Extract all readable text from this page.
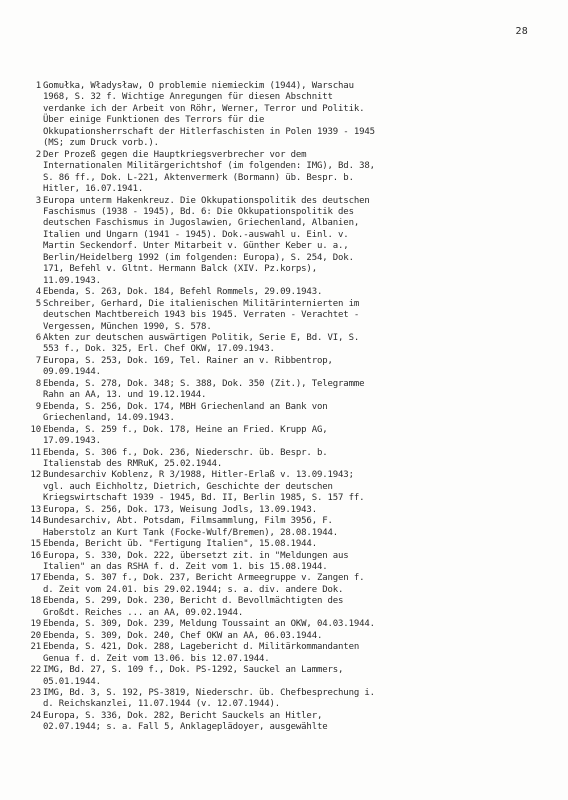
28
1 Gomułka, Władysław, O problemie niemieckim (1944), Warschau
1968, S. 32 f. Wichtige Anregungen für diesen Abschnitt
verdanke ich der Arbeit von Röhr, Werner, Terror und Politik.
Über einige Funktionen des Terrors für die
Okkupationsherrschaft der Hitlerfaschisten in Polen 1939 - 1945
(MS; zum Druck vorb.).
2 Der Prozeß gegen die Hauptkriegsverbrecher vor dem
Internationalen Militärgerichtshof (im folgenden: IMG), Bd. 38,
S. 86 ff., Dok. L-221, Aktenvermerk (Bormann) üb. Bespr. b.
Hitler, 16.07.1941.
3 Europa unterm Hakenkreuz. Die Okkupationspolitik des deutschen
Faschismus (1938 - 1945), Bd. 6: Die Okkupationspolitik des
deutschen Faschismus in Jugoslawien, Griechenland, Albanien,
Italien und Ungarn (1941 - 1945). Dok.-auswahl u. Einl. v.
Martin Seckendorf. Unter Mitarbeit v. Günther Keber u. a.,
Berlin/Heidelberg 1992 (im folgenden: Europa), S. 254, Dok.
171, Befehl v. Gltnt. Hermann Balck (XIV. Pz.korps),
11.09.1943.
4 Ebenda, S. 263, Dok. 184, Befehl Rommels, 29.09.1943.
5 Schreiber, Gerhard, Die italienischen Militärinternierten im
deutschen Machtbereich 1943 bis 1945. Verraten - Verachtet -
Vergessen, München 1990, S. 578.
6 Akten zur deutschen auswärtigen Politik, Serie E, Bd. VI, S.
553 f., Dok. 325, Erl. Chef OKW, 17.09.1943.
7 Europa, S. 253, Dok. 169, Tel. Rainer an v. Ribbentrop,
09.09.1944.
8 Ebenda, S. 278, Dok. 348; S. 388, Dok. 350 (Zit.), Telegramme
Rahn an AA, 13. und 19.12.1944.
9 Ebenda, S. 256, Dok. 174, MBH Griechenland an Bank von
Griechenland, 14.09.1943.
10 Ebenda, S. 259 f., Dok. 178, Heine an Fried. Krupp AG,
17.09.1943.
11 Ebenda, S. 306 f., Dok. 236, Niederschr. üb. Bespr. b.
Italienstab des RMRuK, 25.02.1944.
12 Bundesarchiv Koblenz, R 3/1988, Hitler-Erlaß v. 13.09.1943;
vgl. auch Eichholtz, Dietrich, Geschichte der deutschen
Kriegswirtschaft 1939 - 1945, Bd. II, Berlin 1985, S. 157 ff.
13 Europa, S. 256, Dok. 173, Weisung Jodls, 13.09.1943.
14 Bundesarchiv, Abt. Potsdam, Filmsammlung, Film 3956, F.
Haberstolz an Kurt Tank (Focke-Wulf/Bremen), 28.08.1944.
15 Ebenda, Bericht üb. "Fertigung Italien", 15.08.1944.
16 Europa, S. 330, Dok. 222, übersetzt zit. in "Meldungen aus
Italien" an das RSHA f. d. Zeit vom 1. bis 15.08.1944.
17 Ebenda, S. 307 f., Dok. 237, Bericht Armeegruppe v. Zangen f.
d. Zeit vom 24.01. bis 29.02.1944; s. a. div. andere Dok.
18 Ebenda, S. 299, Dok. 230, Bericht d. Bevollmächtigten des
Großdt. Reiches ... an AA, 09.02.1944.
19 Ebenda, S. 309, Dok. 239, Meldung Toussaint an OKW, 04.03.1944.
20 Ebenda, S. 309, Dok. 240, Chef OKW an AA, 06.03.1944.
21 Ebenda, S. 421, Dok. 288, Lagebericht d. Militärkommandanten
Genua f. d. Zeit vom 13.06. bis 12.07.1944.
22 IMG, Bd. 27, S. 109 f., Dok. PS-1292, Sauckel an Lammers,
05.01.1944.
23 IMG, Bd. 3, S. 192, PS-3819, Niederschr. üb. Chefbesprechung i.
d. Reichskanzlei, 11.07.1944 (v. 12.07.1944).
24 Europa, S. 336, Dok. 282, Bericht Sauckels an Hitler,
02.07.1944; s. a. Fall 5, Anklageplädoyer, ausgewählte
